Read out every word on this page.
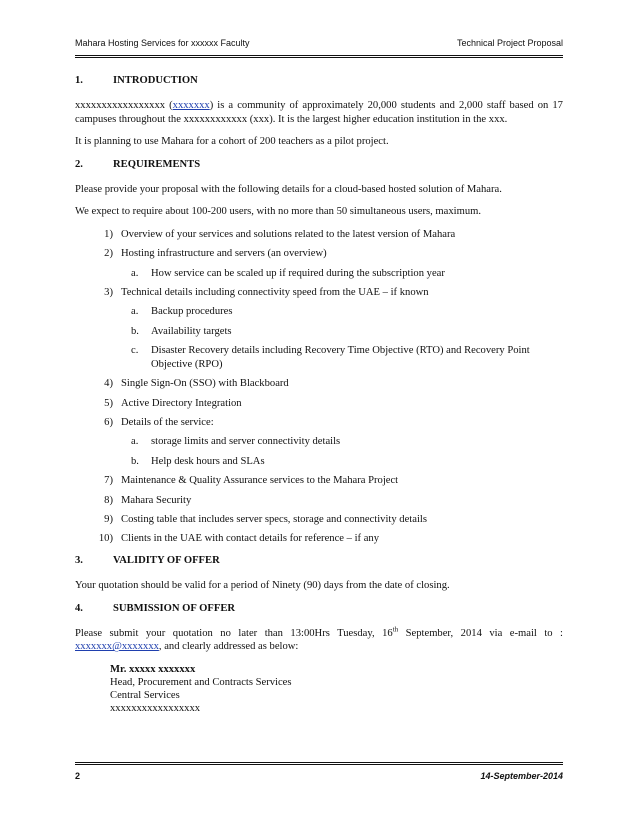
Mahara Hosting Services for xxxxxx Faculty	Technical Project Proposal
1.	INTRODUCTION

xxxxxxxxxxxxxxxxx (xxxxxxx) is a community of approximately 20,000 students and 2,000 staff based on 17 campuses throughout the xxxxxxxxxxxx (xxx). It is the largest higher education institution in the xxx.

It is planning to use Mahara for a cohort of 200 teachers as a pilot project.

2.	REQUIREMENTS

Please provide your proposal with the following details for a cloud-based hosted solution of Mahara.

We expect to require about 100-200 users, with no more than 50 simultaneous users, maximum.

1) Overview of your services and solutions related to the latest version of Mahara
2) Hosting infrastructure and servers (an overview)
a.	How service can be scaled up if required during the subscription year
3) Technical details including connectivity speed from the UAE – if known
a.	Backup procedures
b.	Availability targets
c.	Disaster Recovery details including Recovery Time Objective (RTO) and Recovery Point Objective (RPO)
4) Single Sign-On (SSO) with Blackboard
5) Active Directory Integration
6) Details of the service:
a.	storage limits and server connectivity details
b.	Help desk hours and SLAs
7) Maintenance & Quality Assurance services to the Mahara Project
8) Mahara Security
9) Costing table that includes server specs, storage and connectivity details
10) Clients in the UAE with contact details for reference – if any
3.	VALIDITY OF OFFER

Your quotation should be valid for a period of Ninety (90) days from the date of closing.

4.	SUBMISSION OF OFFER

Please submit your quotation no later than 13:00Hrs Tuesday, 16th September, 2014 via e-mail to : xxxxxxx@xxxxxxx, and clearly addressed as below:

Mr. xxxxx xxxxxxx
Head, Procurement and Contracts Services
Central Services
xxxxxxxxxxxxxxxxx
2	14-September-2014
